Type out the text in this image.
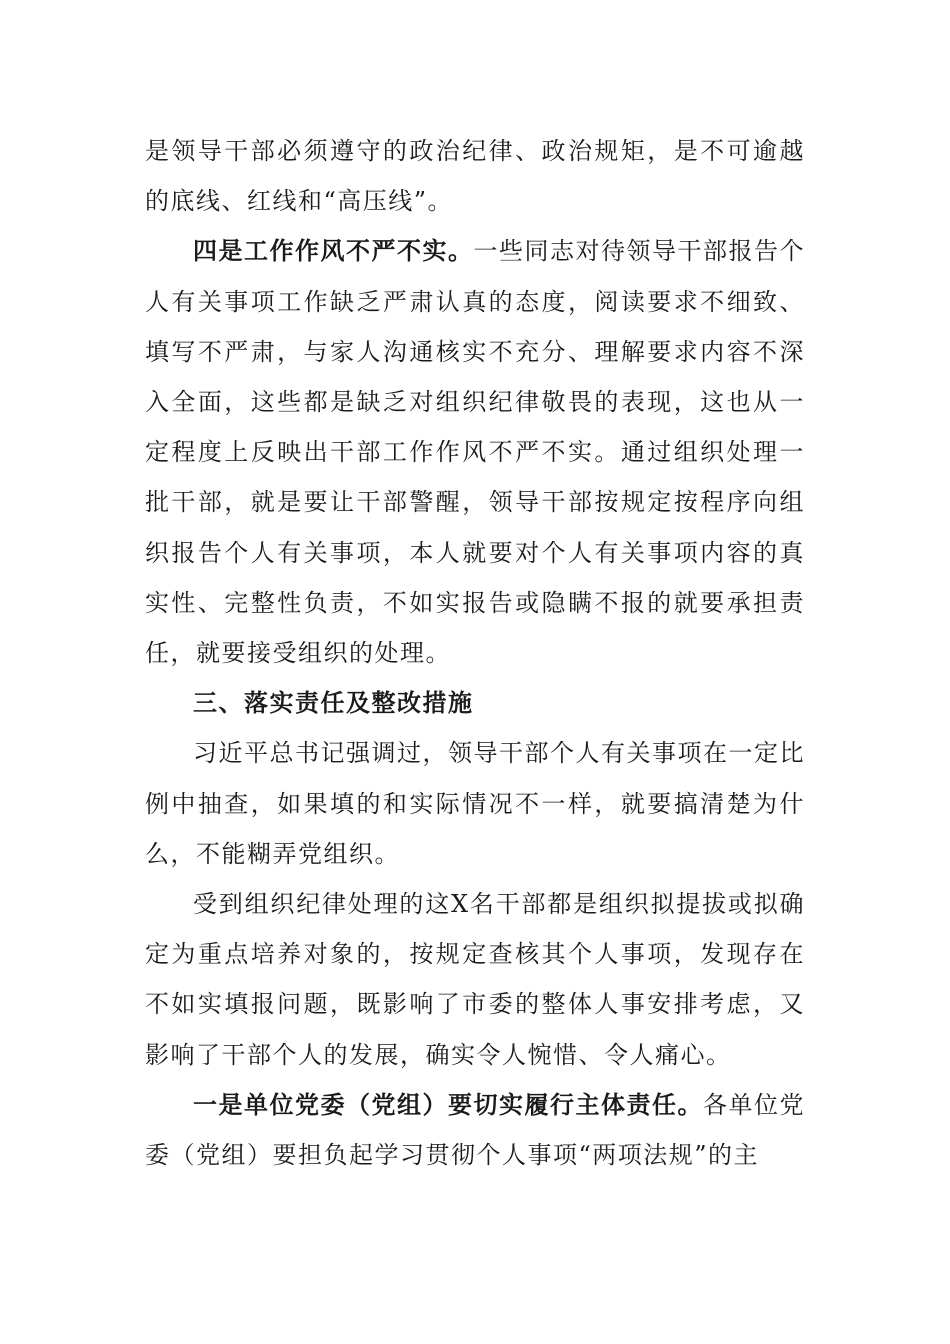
是领导干部必须遵守的政治纪律、政治规矩，是不可逾越的底线、红线和“高压线”。

四是工作作风不严不实。一些同志对待领导干部报告个人有关事项工作缺乏严肃认真的态度，阅读要求不细致、填写不严肃，与家人沟通核实不充分、理解要求内容不深入全面，这些都是缺乏对组织纪律敬畏的表现，这也从一定程度上反映出干部工作作风不严不实。通过组织处理一批干部，就是要让干部警醒，领导干部按规定按程序向组织报告个人有关事项，本人就要对个人有关事项内容的真实性、完整性负责，不如实报告或隐瞒不报的就要承担责任，就要接受组织的处理。

三、落实责任及整改措施

习近平总书记强调过，领导干部个人有关事项在一定比例中抽查，如果填的和实际情况不一样，就要搞清楚为什么，不能糊弄党组织。

受到组织纪律处理的这X名干部都是组织拟提拔或拟确定为重点培养对象的，按规定查核其个人事项，发现存在不如实填报问题，既影响了市委的整体人事安排考虑，又影响了干部个人的发展，确实令人惋惜、令人痛心。

一是单位党委（党组）要切实履行主体责任。各单位党委（党组）要担负起学习贯彻个人事项“两项法规”的主
